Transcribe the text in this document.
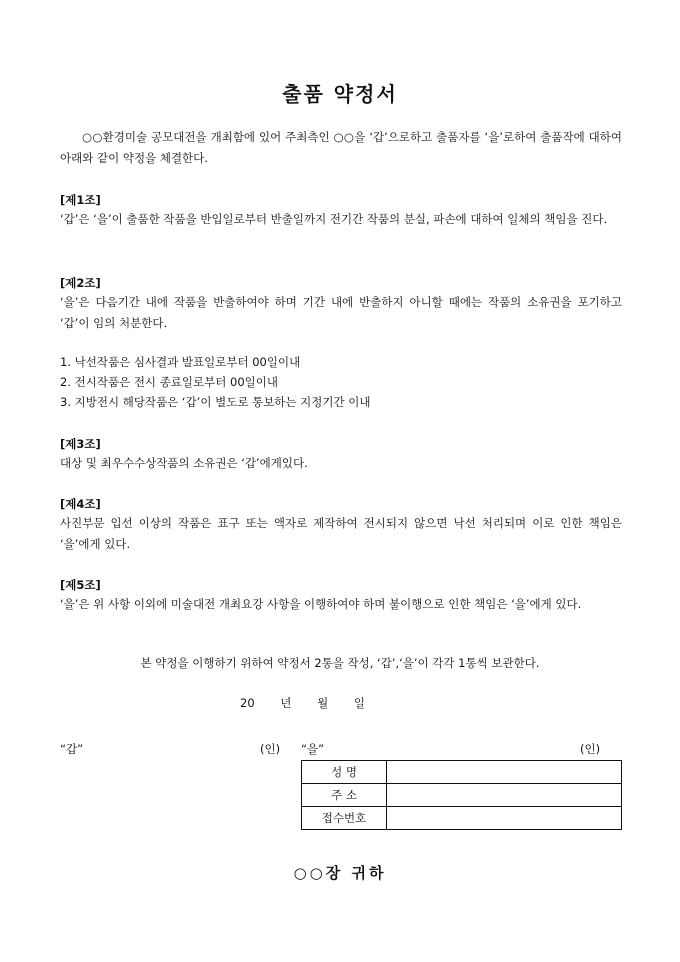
출품 약정서
○○환경미술 공모대전을 개최함에 있어 주최측인 ○○을 ‘갑’으로하고 출품자를 ‘을’로하여 출품작에 대하여 아래와 같이 약정을 체결한다.
[제1조]
‘갑’은 ‘을’이 출품한 작품을 반입일로부터 반출일까지 전기간 작품의 분실, 파손에 대하여 일체의 책임을 진다.
[제2조]
‘을’은 다음기간 내에 작품을 반출하여야 하며 기간 내에 반출하지 아니할 때에는 작품의 소유권을 포기하고 ‘갑’이 임의 처분한다.
1. 낙선작품은 심사결과 발표일로부터 00일이내
2. 전시작품은 전시 종료일로부터 00일이내
3. 지방전시 해당작품은 ‘갑’이 별도로 통보하는 지정기간 이내
[제3조]
대상 및 최우수수상작품의 소유권은 ‘갑’에게있다.
[제4조]
사진부문 입선 이상의 작품은 표구 또는 액자로 제작하여 전시되지 않으면 낙선 처리되며 이로 인한 책임은 ‘을’에게 있다.
[제5조]
‘을’은 위 사항 이외에 미술대전 개최요강 사항을 이행하여야 하며 불이행으로 인한 책임은 ‘을’에게 있다.
본 약정을 이행하기 위하여 약정서 2통을 작성, ‘갑’,‘을’이 각각 1통씩 보관한다.
20 년 월 일
“갑”	(인) “을”	(인)
성 명	
주 소	
접수번호	
○○장 귀하
